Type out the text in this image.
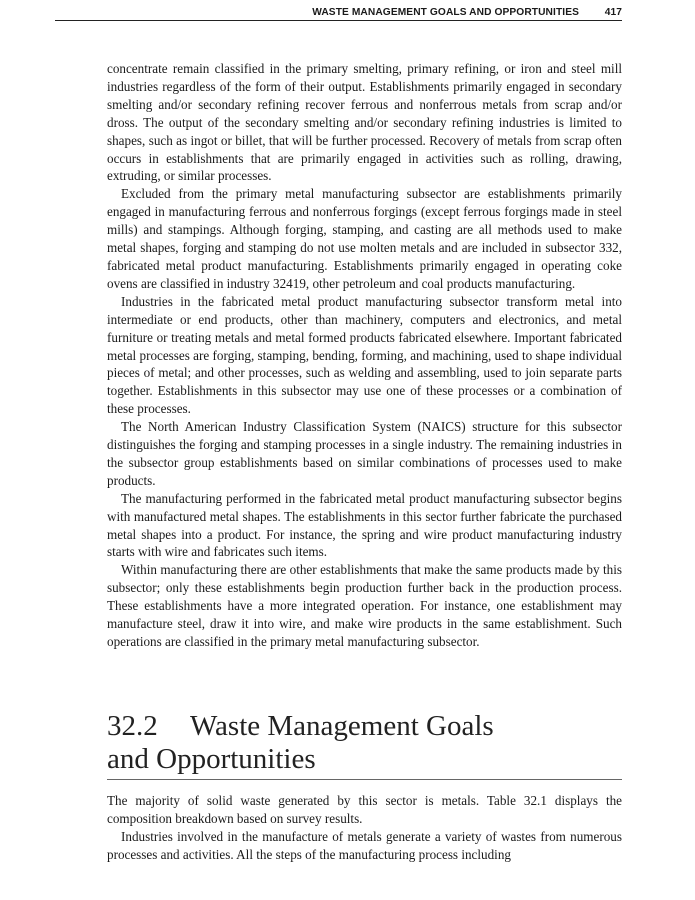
WASTE MANAGEMENT GOALS AND OPPORTUNITIES	417

concentrate remain classified in the primary smelting, primary refining, or iron and steel mill industries regardless of the form of their output. Establishments primarily engaged in secondary smelting and/or secondary refining recover ferrous and nonferrous metals from scrap and/or dross. The output of the secondary smelting and/or secondary refining industries is limited to shapes, such as ingot or billet, that will be further processed. Recovery of metals from scrap often occurs in establishments that are primarily engaged in activities such as rolling, drawing, extruding, or similar processes.

Excluded from the primary metal manufacturing subsector are establishments primarily engaged in manufacturing ferrous and nonferrous forgings (except ferrous forgings made in steel mills) and stampings. Although forging, stamping, and casting are all methods used to make metal shapes, forging and stamping do not use molten metals and are included in subsector 332, fabricated metal product manufacturing. Establishments primarily engaged in operating coke ovens are classified in industry 32419, other petroleum and coal products manufacturing.

Industries in the fabricated metal product manufacturing subsector transform metal into intermediate or end products, other than machinery, computers and electronics, and metal furniture or treating metals and metal formed products fabricated elsewhere. Important fabricated metal processes are forging, stamping, bending, forming, and machining, used to shape individual pieces of metal; and other processes, such as welding and assembling, used to join separate parts together. Establishments in this subsector may use one of these processes or a combination of these processes.

The North American Industry Classification System (NAICS) structure for this subsector distinguishes the forging and stamping processes in a single industry. The remaining industries in the subsector group establishments based on similar combinations of processes used to make products.

The manufacturing performed in the fabricated metal product manufacturing subsector begins with manufactured metal shapes. The establishments in this sector further fabricate the purchased metal shapes into a product. For instance, the spring and wire product manufacturing industry starts with wire and fabricates such items.

Within manufacturing there are other establishments that make the same products made by this subsector; only these establishments begin production further back in the production process. These establishments have a more integrated operation. For instance, one establishment may manufacture steel, draw it into wire, and make wire products in the same establishment. Such operations are classified in the primary metal manufacturing subsector.

32.2 Waste Management Goals
and Opportunities

The majority of solid waste generated by this sector is metals. Table 32.1 displays the composition breakdown based on survey results.

Industries involved in the manufacture of metals generate a variety of wastes from numerous processes and activities. All the steps of the manufacturing process including
